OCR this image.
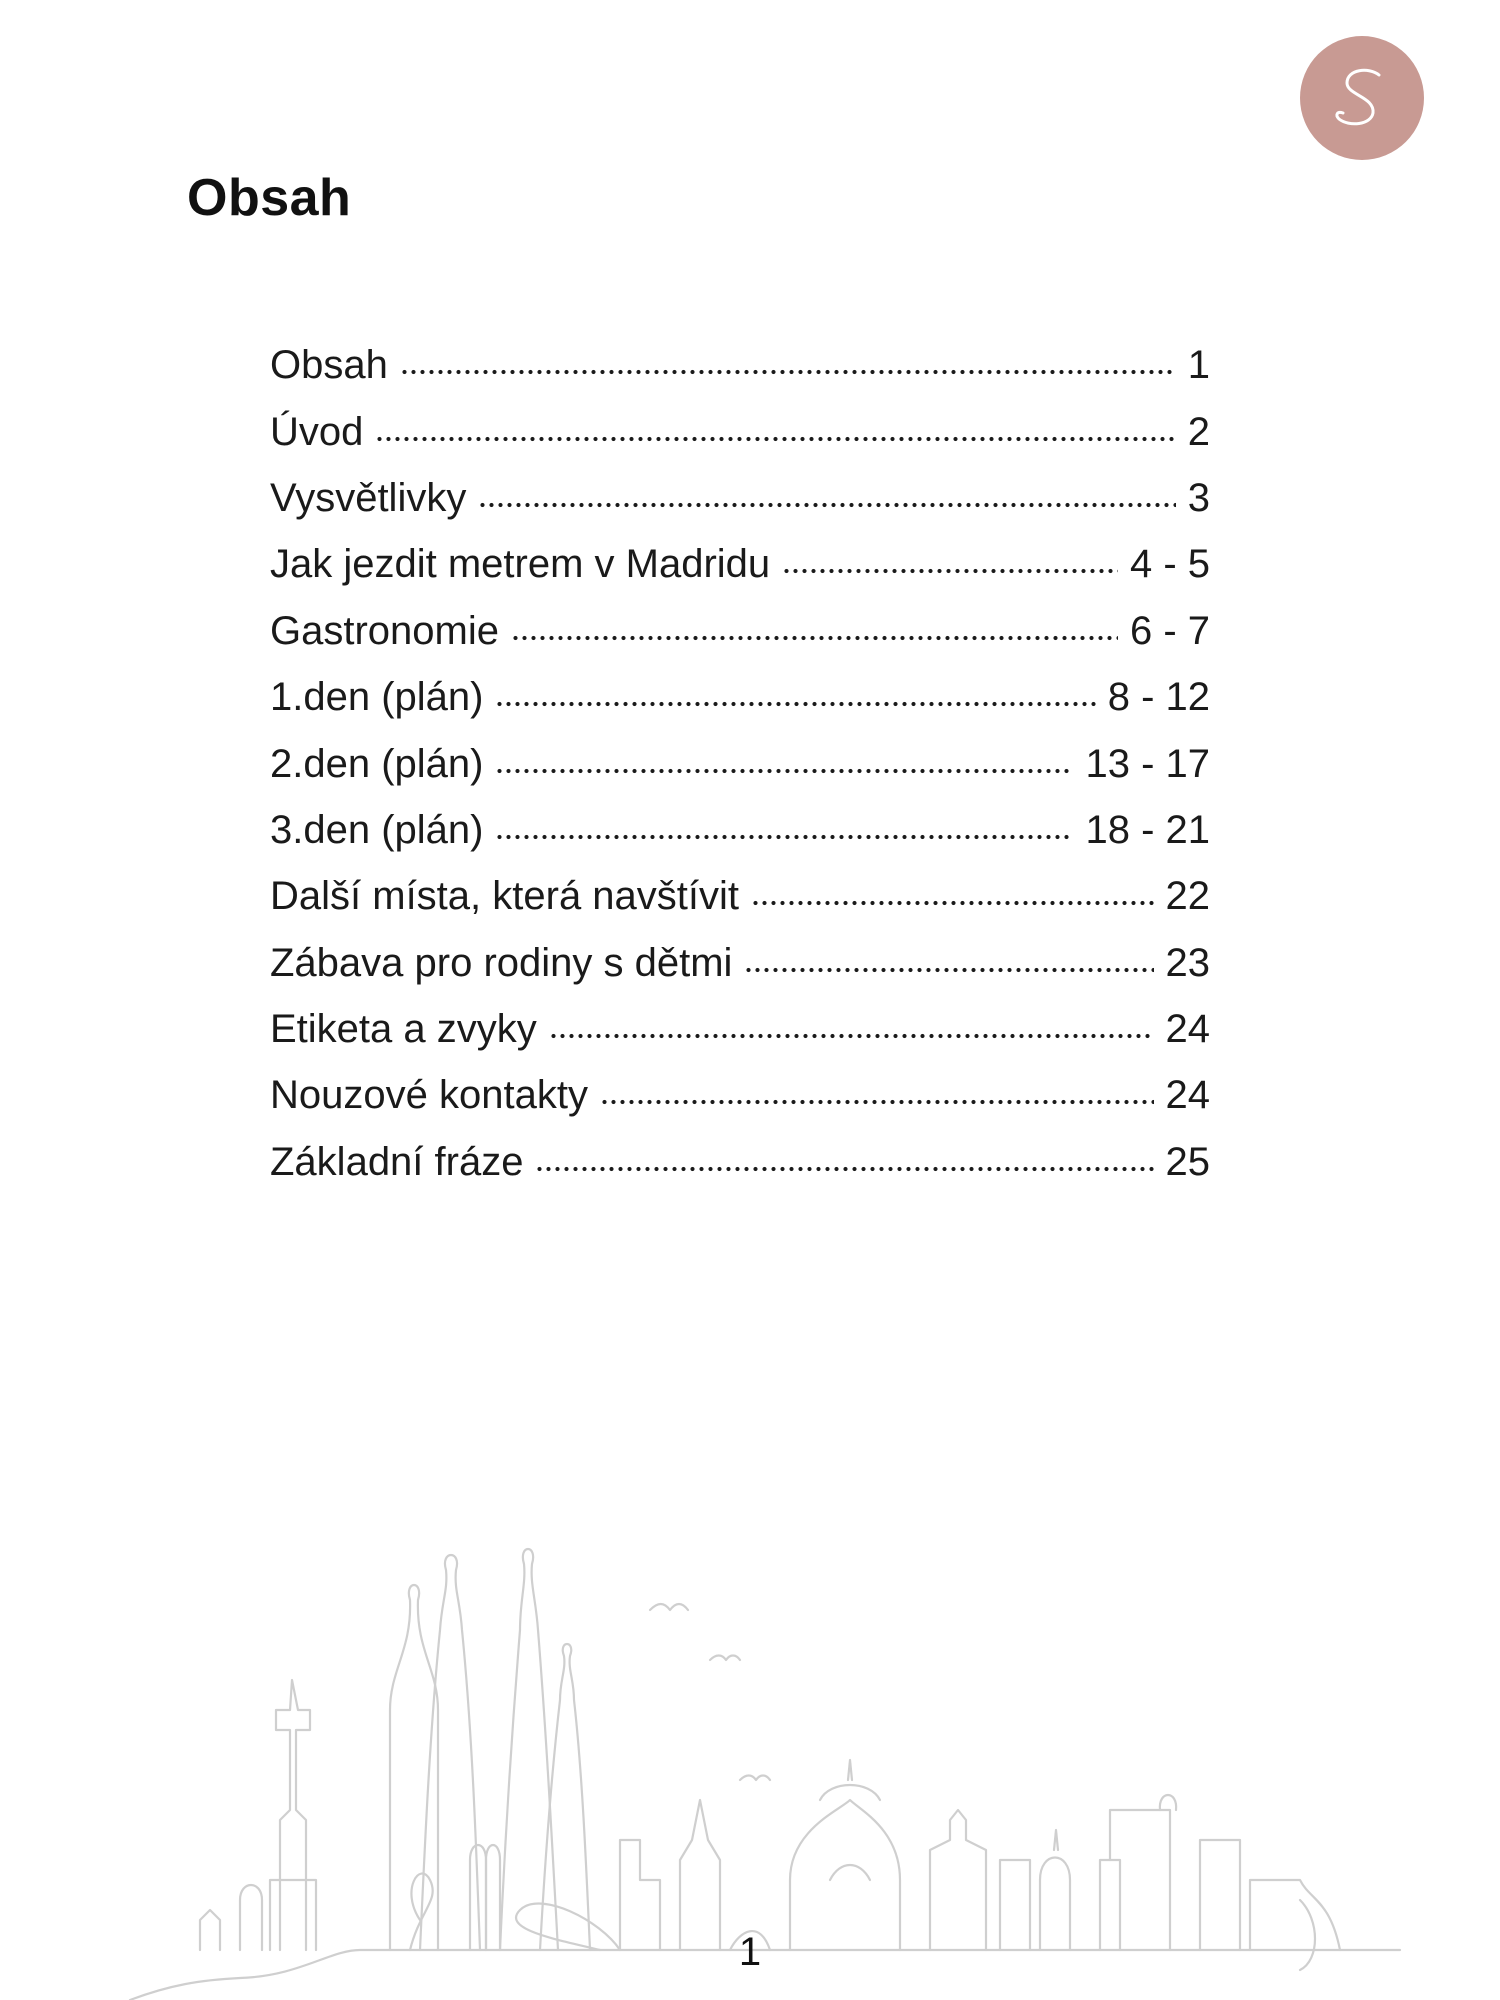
Obsah
Obsah	1
Úvod	2
Vysvětlivky	3
Jak jezdit metrem v Madridu	4 - 5
Gastronomie	6 - 7
1.den (plán)	8 - 12
2.den (plán)	13 - 17
3.den (plán)	18 - 21
Další místa, která navštívit	22
Zábava pro rodiny s dětmi	23
Etiketa a zvyky	24
Nouzové kontakty	24
Základní fráze	25
1
